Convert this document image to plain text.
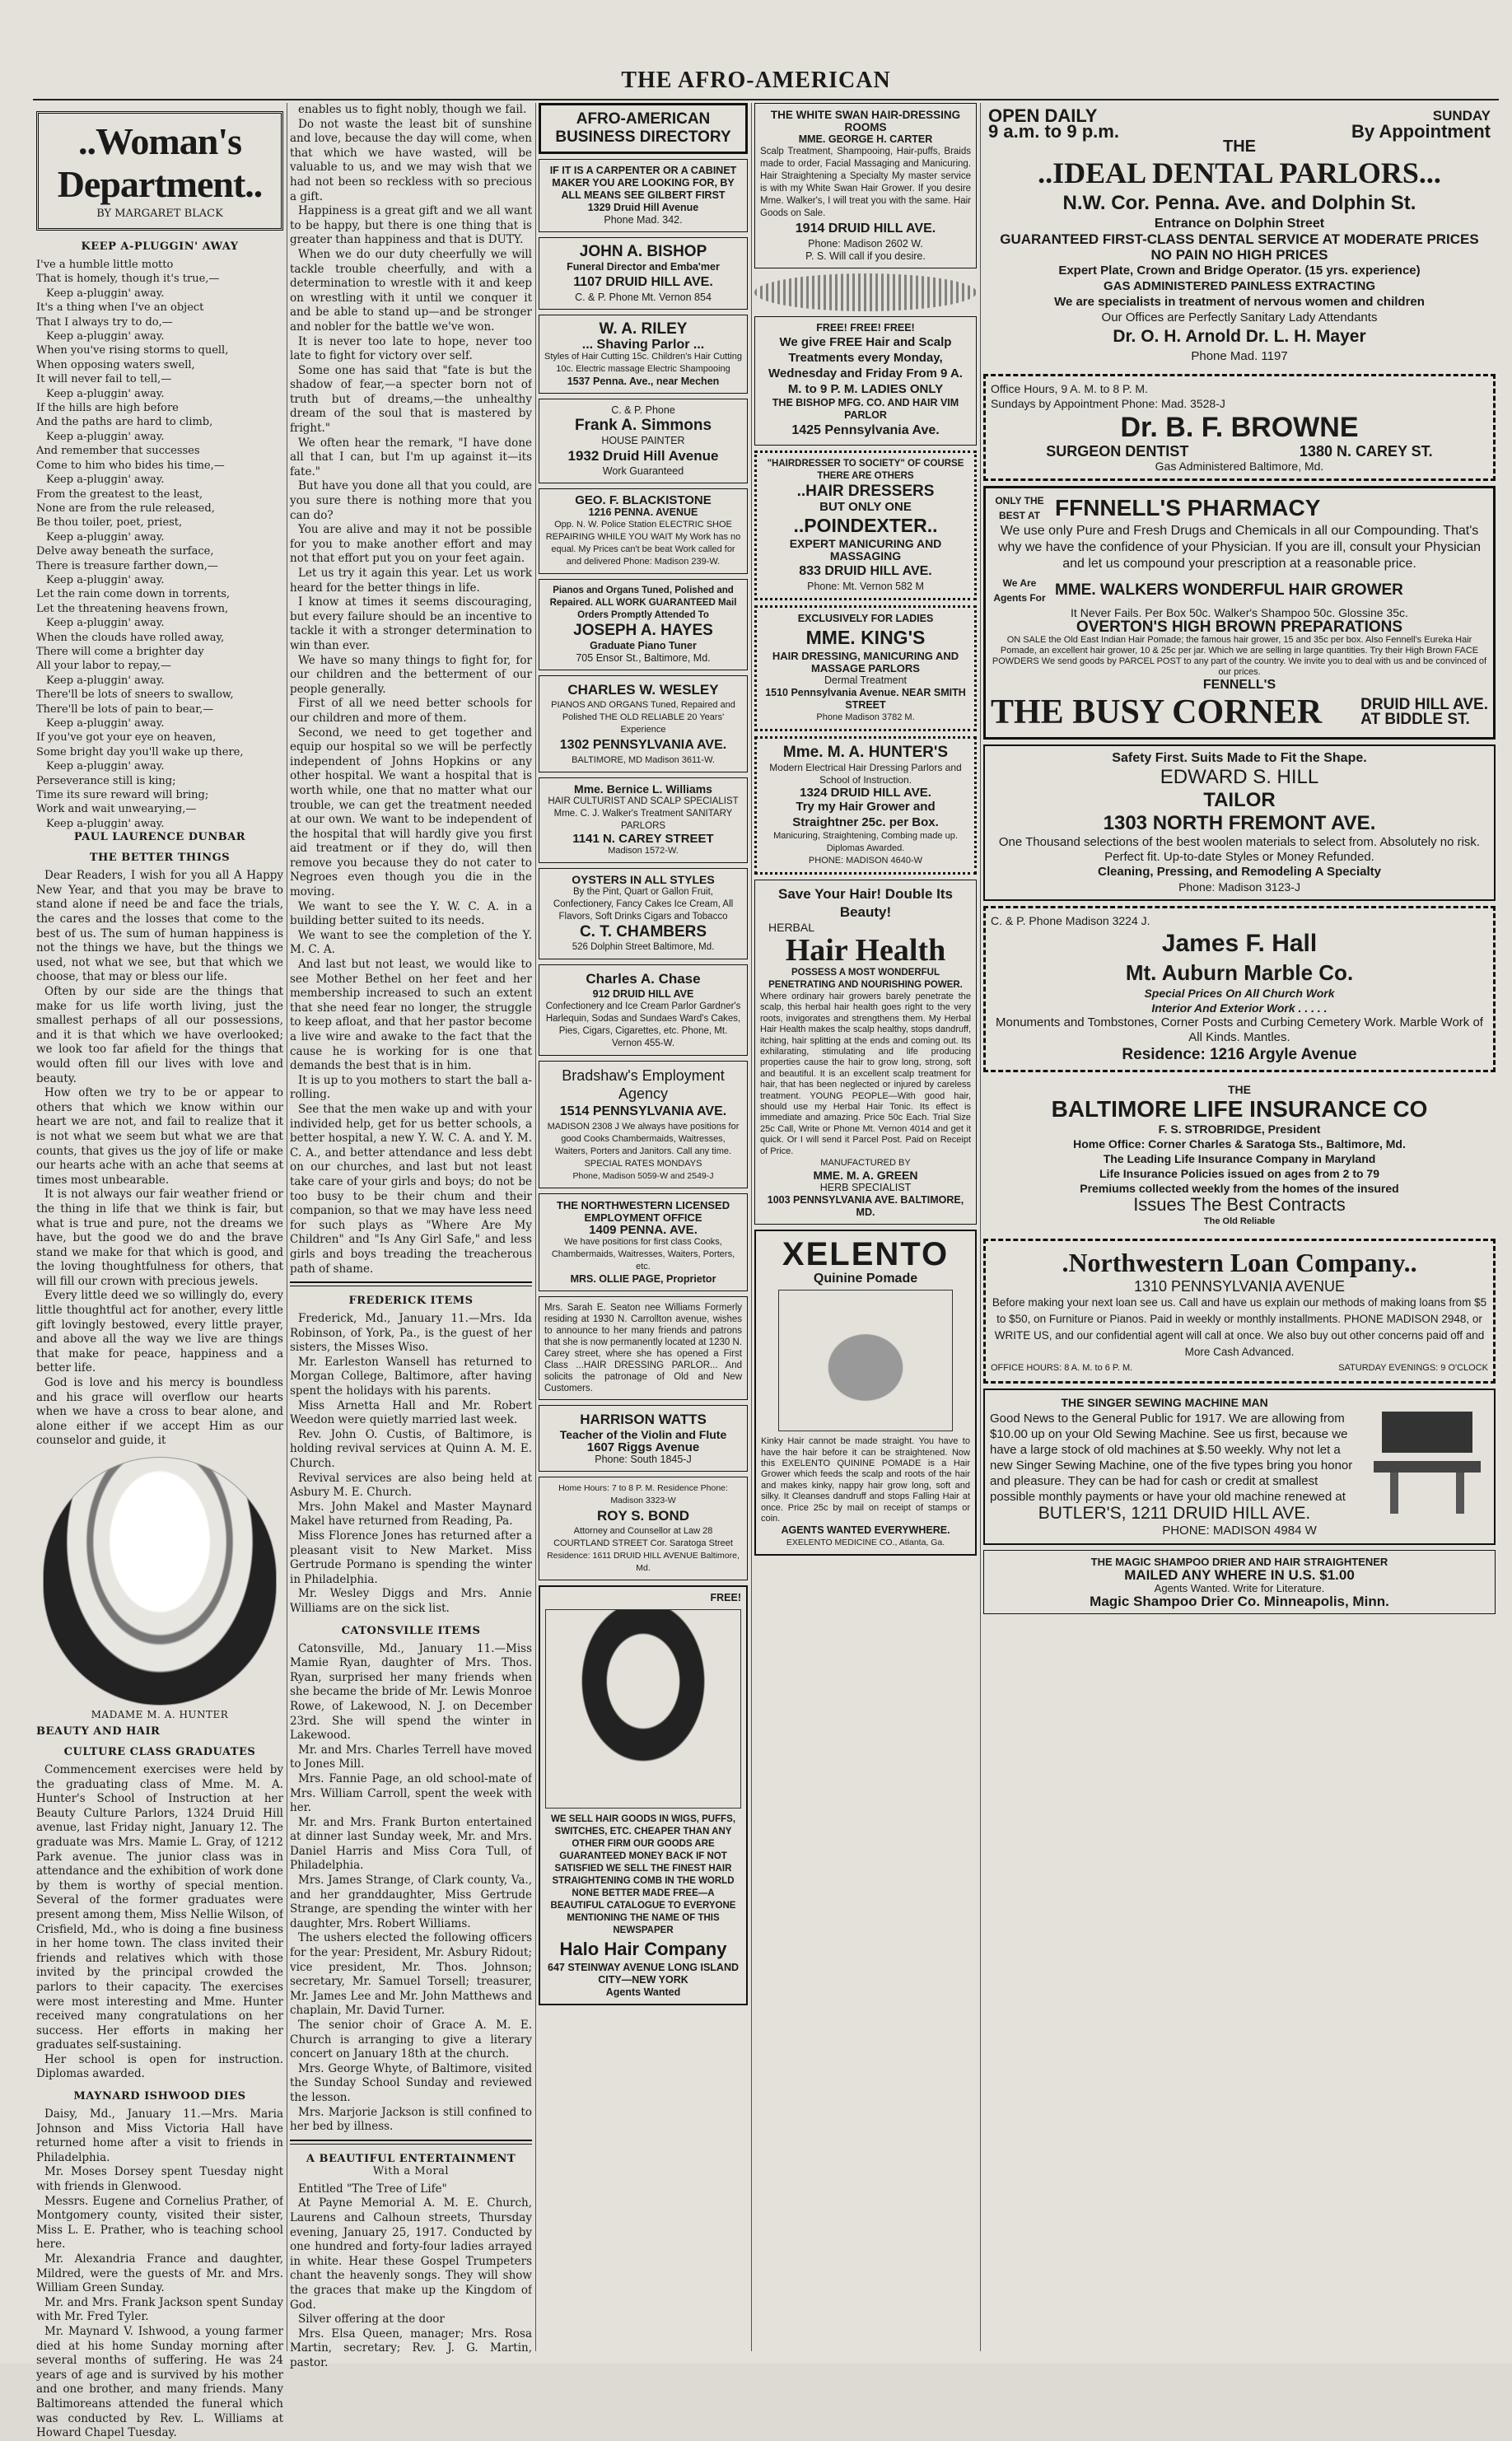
THE AFRO-AMERICAN
..Woman's Department..
BY MARGARET BLACK
KEEP A-PLUGGIN' AWAY
I've a humble little motto
That is homely, though it's true,—
Keep a-pluggin' away.
It's a thing when I've an object
That I always try to do,—
Keep a-pluggin' away.
When you've rising storms to quell,
When opposing waters swell,
It will never fail to tell,—
Keep a-pluggin' away.
If the hills are high before
And the paths are hard to climb,
Keep a-pluggin' away.
And remember that successes
Come to him who bides his time,—
Keep a-pluggin' away.
From the greatest to the least,
None are from the rule released,
Be thou toiler, poet, priest,
Keep a-pluggin' away.
Delve away beneath the surface,
There is treasure farther down,—
Keep a-pluggin' away.
Let the rain come down in torrents,
Let the threatening heavens frown,
Keep a-pluggin' away.
When the clouds have rolled away,
There will come a brighter day
All your labor to repay,—
Keep a-pluggin' away.
There'll be lots of sneers to swallow,
There'll be lots of pain to bear,—
Keep a-pluggin' away.
If you've got your eye on heaven,
Some bright day you'll wake up there,
Keep a-pluggin' away.
Perseverance still is king;
Time its sure reward will bring;
Work and wait unwearying,—
Keep a-pluggin' away.
PAUL LAURENCE DUNBAR
THE BETTER THINGS

Dear Readers, I wish for you all A Happy New Year, and that you may be brave to stand alone if need be and face the trials, the cares and the losses that come to the best of us. The sum of human happiness is not the things we have, but the things we used, not what we see, but that which we choose, that may or bless our life.

Often by our side are the things that make for us life worth living, just the smallest perhaps of all our possessions, and it is that which we have overlooked; we look too far afield for the things that would often fill our lives with love and beauty.

How often we try to be or appear to others that which we know within our heart we are not, and fail to realize that it is not what we seem but what we are that counts, that gives us the joy of life or make our hearts ache with an ache that seems at times most unbearable.

It is not always our fair weather friend or the thing in life that we think is fair, but what is true and pure, not the dreams we have, but the good we do and the brave stand we make for that which is good, and the loving thoughtfulness for others, that will fill our crown with precious jewels.

Every little deed we so willingly do, every little thoughtful act for another, every little gift lovingly bestowed, every little prayer, and above all the way we live are things that make for peace, happiness and a better life.

God is love and his mercy is boundless and his grace will overflow our hearts when we have a cross to bear alone, and alone either if we accept Him as our counselor and guide, it

MADAME M. A. HUNTER
BEAUTY AND HAIR
CULTURE CLASS GRADUATES

Commencement exercises were held by the graduating class of Mme. M. A. Hunter's School of Instruction at her Beauty Culture Parlors, 1324 Druid Hill avenue, last Friday night, January 12. The graduate was Mrs. Mamie L. Gray, of 1212 Park avenue. The junior class was in attendance and the exhibition of work done by them is worthy of special mention. Several of the former graduates were present among them, Miss Nellie Wilson, of Crisfield, Md., who is doing a fine business in her home town. The class invited their friends and relatives which with those invited by the principal crowded the parlors to their capacity. The exercises were most interesting and Mme. Hunter received many congratulations on her success. Her efforts in making her graduates self-sustaining.

Her school is open for instruction. Diplomas awarded.

MAYNARD ISHWOOD DIES

Daisy, Md., January 11.—Mrs. Maria Johnson and Miss Victoria Hall have returned home after a visit to friends in Philadelphia.

Mr. Moses Dorsey spent Tuesday night with friends in Glenwood.

Messrs. Eugene and Cornelius Prather, of Montgomery county, visited their sister, Miss L. E. Prather, who is teaching school here.

Mr. Alexandria France and daughter, Mildred, were the guests of Mr. and Mrs. William Green Sunday.

Mr. and Mrs. Frank Jackson spent Sunday with Mr. Fred Tyler.

Mr. Maynard V. Ishwood, a young farmer died at his home Sunday morning after several months of suffering. He was 24 years of age and is survived by his mother and one brother, and many friends. Many Baltimoreans attended the funeral which was conducted by Rev. L. Williams at Howard Chapel Tuesday.

enables us to fight nobly, though we fail.

Do not waste the least bit of sunshine and love, because the day will come, when that which we have wasted, will be valuable to us, and we may wish that we had not been so reckless with so precious a gift.

Happiness is a great gift and we all want to be happy, but there is one thing that is greater than happiness and that is DUTY.

When we do our duty cheerfully we will tackle trouble cheerfully, and with a determination to wrestle with it and keep on wrestling with it until we conquer it and be able to stand up—and be stronger and nobler for the battle we've won.

It is never too late to hope, never too late to fight for victory over self.

Some one has said that "fate is but the shadow of fear,—a specter born not of truth but of dreams,—the unhealthy dream of the soul that is mastered by fright."

We often hear the remark, "I have done all that I can, but I'm up against it—its fate."

But have you done all that you could, are you sure there is nothing more that you can do?

You are alive and may it not be possible for you to make another effort and may not that effort put you on your feet again.

Let us try it again this year. Let us work heard for the better things in life.

I know at times it seems discouraging, but every failure should be an incentive to tackle it with a stronger determination to win than ever.

We have so many things to fight for, for our children and the betterment of our people generally.

First of all we need better schools for our children and more of them.

Second, we need to get together and equip our hospital so we will be perfectly independent of Johns Hopkins or any other hospital. We want a hospital that is worth while, one that no matter what our trouble, we can get the treatment needed at our own. We want to be independent of the hospital that will hardly give you first aid treatment or if they do, will then remove you because they do not cater to Negroes even though you die in the moving.

We want to see the Y. W. C. A. in a building better suited to its needs.

We want to see the completion of the Y. M. C. A.

And last but not least, we would like to see Mother Bethel on her feet and her membership increased to such an extent that she need fear no longer, the struggle to keep afloat, and that her pastor become a live wire and awake to the fact that the cause he is working for is one that demands the best that is in him.

It is up to you mothers to start the ball a-rolling.

See that the men wake up and with your individed help, get for us better schools, a better hospital, a new Y. W. C. A. and Y. M. C. A., and better attendance and less debt on our churches, and last but not least take care of your girls and boys; do not be too busy to be their chum and their companion, so that we may have less need for such plays as "Where Are My Children" and "Is Any Girl Safe," and less girls and boys treading the treacherous path of shame.

FREDERICK ITEMS

Frederick, Md., January 11.—Mrs. Ida Robinson, of York, Pa., is the guest of her sisters, the Misses Wiso.

Mr. Earleston Wansell has returned to Morgan College, Baltimore, after having spent the holidays with his parents.

Miss Arnetta Hall and Mr. Robert Weedon were quietly married last week.

Rev. John O. Custis, of Baltimore, is holding revival services at Quinn A. M. E. Church.

Revival services are also being held at Asbury M. E. Church.

Mrs. John Makel and Master Maynard Makel have returned from Reading, Pa.

Miss Florence Jones has returned after a pleasant visit to New Market. Miss Gertrude Pormano is spending the winter in Philadelphia.

Mr. Wesley Diggs and Mrs. Annie Williams are on the sick list.

CATONSVILLE ITEMS

Catonsville, Md., January 11.—Miss Mamie Ryan, daughter of Mrs. Thos. Ryan, surprised her many friends when she became the bride of Mr. Lewis Monroe Rowe, of Lakewood, N. J. on December 23rd. She will spend the winter in Lakewood.

Mr. and Mrs. Charles Terrell have moved to Jones Mill.

Mrs. Fannie Page, an old school-mate of Mrs. William Carroll, spent the week with her.

Mr. and Mrs. Frank Burton entertained at dinner last Sunday week, Mr. and Mrs. Daniel Harris and Miss Cora Tull, of Philadelphia.

Mrs. James Strange, of Clark county, Va., and her granddaughter, Miss Gertrude Strange, are spending the winter with her daughter, Mrs. Robert Williams.

The ushers elected the following officers for the year: President, Mr. Asbury Ridout; vice president, Mr. Thos. Johnson; secretary, Mr. Samuel Torsell; treasurer, Mr. James Lee and Mr. John Matthews and chaplain, Mr. David Turner.

The senior choir of Grace A. M. E. Church is arranging to give a literary concert on January 18th at the church.

Mrs. George Whyte, of Baltimore, visited the Sunday School Sunday and reviewed the lesson.

Mrs. Marjorie Jackson is still confined to her bed by illness.

A BEAUTIFUL ENTERTAINMENT
With a Moral

Entitled "The Tree of Life"

At Payne Memorial A. M. E. Church, Laurens and Calhoun streets, Thursday evening, January 25, 1917. Conducted by one hundred and forty-four ladies arrayed in white. Hear these Gospel Trumpeters chant the heavenly songs. They will show the graces that make up the Kingdom of God.

Silver offering at the door

Mrs. Elsa Queen, manager; Mrs. Rosa Martin, secretary; Rev. J. G. Martin, pastor.

AFRO-AMERICAN BUSINESS DIRECTORY
IF IT IS A CARPENTER OR A CABINET MAKER YOU ARE LOOKING FOR, BY ALL MEANS SEE GILBERT FIRST
1329 Druid Hill Avenue
Phone Mad. 342.
JOHN A. BISHOP
Funeral Director and Emba'mer
1107 DRUID HILL AVE.
C. & P. Phone Mt. Vernon 854
W. A. RILEY
... Shaving Parlor ...
Styles of Hair Cutting 15c. Children's Hair Cutting 10c. Electric massage Electric Shampooing
1537 Penna. Ave., near Mechen
C. & P. Phone
Frank A. Simmons
HOUSE PAINTER
1932 Druid Hill Avenue
Work Guaranteed
GEO. F. BLACKISTONE
1216 PENNA. AVENUE
Opp. N. W. Police Station ELECTRIC SHOE REPAIRING WHILE YOU WAIT My Work has no equal. My Prices can't be beat Work called for and delivered Phone: Madison 239-W.
Pianos and Organs Tuned, Polished and Repaired. ALL WORK GUARANTEED Mail Orders Promptly Attended To
JOSEPH A. HAYES
Graduate Piano Tuner
705 Ensor St., Baltimore, Md.
CHARLES W. WESLEY
PIANOS AND ORGANS Tuned, Repaired and Polished THE OLD RELIABLE 20 Years' Experience
1302 PENNSYLVANIA AVE.
BALTIMORE, MD Madison 3611-W.
Mme. Bernice L. Williams
HAIR CULTURIST AND SCALP SPECIALIST Mme. C. J. Walker's Treatment SANITARY PARLORS
1141 N. CAREY STREET
Madison 1572-W.
OYSTERS IN ALL STYLES
By the Pint, Quart or Gallon Fruit, Confectionery, Fancy Cakes Ice Cream, All Flavors, Soft Drinks Cigars and Tobacco
C. T. CHAMBERS
526 Dolphin Street Baltimore, Md.
Charles A. Chase
912 DRUID HILL AVE
Confectionery and Ice Cream Parlor Gardner's Harlequin, Sodas and Sundaes Ward's Cakes, Pies, Cigars, Cigarettes, etc. Phone, Mt. Vernon 455-W.
Bradshaw's Employment Agency
1514 PENNSYLVANIA AVE.
MADISON 2308 J We always have positions for good Cooks Chambermaids, Waitresses, Waiters, Porters and Janitors. Call any time. SPECIAL RATES MONDAYS
Phone, Madison 5059-W and 2549-J
THE NORTHWESTERN LICENSED EMPLOYMENT OFFICE
1409 PENNA. AVE.
We have positions for first class Cooks, Chambermaids, Waitresses, Waiters, Porters, etc.
MRS. OLLIE PAGE, Proprietor
Mrs. Sarah E. Seaton nee Williams Formerly residing at 1930 N. Carrollton avenue, wishes to announce to her many friends and patrons that she is now permanently located at 1230 N. Carey street, where she has opened a First Class ...HAIR DRESSING PARLOR... And solicits the patronage of Old and New Customers.
HARRISON WATTS
Teacher of the Violin and Flute
1607 Riggs Avenue
Phone: South 1845-J
Home Hours: 7 to 8 P. M. Residence Phone: Madison 3323-W
ROY S. BOND
Attorney and Counsellor at Law 28 COURTLAND STREET Cor. Saratoga Street
Residence: 1611 DRUID HILL AVENUE Baltimore, Md.
FREE!
WE SELL HAIR GOODS IN WIGS, PUFFS, SWITCHES, ETC. CHEAPER THAN ANY OTHER FIRM OUR GOODS ARE GUARANTEED MONEY BACK IF NOT SATISFIED WE SELL THE FINEST HAIR STRAIGHTENING COMB IN THE WORLD NONE BETTER MADE FREE—A BEAUTIFUL CATALOGUE TO EVERYONE MENTIONING THE NAME OF THIS NEWSPAPER
Halo Hair Company
647 STEINWAY AVENUE LONG ISLAND CITY—NEW YORK
Agents Wanted
THE WHITE SWAN HAIR-DRESSING ROOMS
MME. GEORGE H. CARTER
Scalp Treatment, Shampooing, Hair-puffs, Braids made to order, Facial Massaging and Manicuring. Hair Straightening a Specialty My master service is with my White Swan Hair Grower. If you desire Mme. Walker's, I will treat you with the same. Hair Goods on Sale.
1914 DRUID HILL AVE.
Phone: Madison 2602 W.
P. S. Will call if you desire.
FREE! FREE! FREE!
We give FREE Hair and Scalp Treatments every Monday, Wednesday and Friday From 9 A. M. to 9 P. M. LADIES ONLY
THE BISHOP MFG. CO. AND HAIR VIM PARLOR
1425 Pennsylvania Ave.
"HAIRDRESSER TO SOCIETY" OF COURSE THERE ARE OTHERS
..HAIR DRESSERS
BUT ONLY ONE
..POINDEXTER..
EXPERT MANICURING AND MASSAGING
833 DRUID HILL AVE.
Phone: Mt. Vernon 582 M
EXCLUSIVELY FOR LADIES
MME. KING'S
HAIR DRESSING, MANICURING AND MASSAGE PARLORS
Dermal Treatment
1510 Pennsylvania Avenue. NEAR SMITH STREET
Phone Madison 3782 M.
Mme. M. A. HUNTER'S
Modern Electrical Hair Dressing Parlors and School of Instruction.
1324 DRUID HILL AVE.
Try my Hair Grower and Straightner 25c. per Box.
Manicuring, Straightening, Combing made up. Diplomas Awarded.
PHONE: MADISON 4640-W
Save Your Hair! Double Its Beauty!
HERBAL
Hair Health
POSSESS A MOST WONDERFUL PENETRATING AND NOURISHING POWER.
Where ordinary hair growers barely penetrate the scalp, this herbal hair health goes right to the very roots, invigorates and strengthens them. My Herbal Hair Health makes the scalp healthy, stops dandruff, itching, hair splitting at the ends and coming out. Its exhilarating, stimulating and life producing properties cause the hair to grow long, strong, soft and beautiful. It is an excellent scalp treatment for hair, that has been neglected or injured by careless treatment. YOUNG PEOPLE—With good hair, should use my Herbal Hair Tonic. Its effect is immediate and amazing. Price 50c Each. Trial Size 25c Call, Write or Phone Mt. Vernon 4014 and get it quick. Or I will send it Parcel Post. Paid on Receipt of Price.
MANUFACTURED BY
MME. M. A. GREEN
HERB SPECIALIST
1003 PENNSYLVANIA AVE. BALTIMORE, MD.
XELENTO
Quinine Pomade
Kinky Hair cannot be made straight. You have to have the hair before it can be straightened. Now this EXELENTO QUININE POMADE is a Hair Grower which feeds the scalp and roots of the hair and makes kinky, nappy hair grow long, soft and silky. It Cleanses dandruff and stops Falling Hair at once. Price 25c by mail on receipt of stamps or coin.
AGENTS WANTED EVERYWHERE.
EXELENTO MEDICINE CO., Atlanta, Ga.
OPEN DAILY
9 a.m. to 9 p.m.
SUNDAY
By Appointment
THE
..IDEAL DENTAL PARLORS...
N.W. Cor. Penna. Ave. and Dolphin St.
Entrance on Dolphin Street
GUARANTEED FIRST-CLASS DENTAL SERVICE AT MODERATE PRICES
NO PAIN NO HIGH PRICES
Expert Plate, Crown and Bridge Operator. (15 yrs. experience)
GAS ADMINISTERED PAINLESS EXTRACTING
We are specialists in treatment of nervous women and children
Our Offices are Perfectly Sanitary Lady Attendants
Dr. O. H. Arnold Dr. L. H. Mayer
Phone Mad. 1197
Office Hours, 9 A. M. to 8 P. M.
Sundays by Appointment Phone: Mad. 3528-J
Dr. B. F. BROWNE
SURGEON DENTIST	1380 N. CAREY ST.
Gas Administered Baltimore, Md.
ONLY THE BEST AT FFNNELL'S PHARMACY
We use only Pure and Fresh Drugs and Chemicals in all our Compounding. That's why we have the confidence of your Physician. If you are ill, consult your Physician and let us compound your prescription at a reasonable price.
We Are Agents For MME. WALKERS WONDERFUL HAIR GROWER
It Never Fails. Per Box 50c. Walker's Shampoo 50c. Glossine 35c.
OVERTON'S HIGH BROWN PREPARATIONS
ON SALE the Old East Indian Hair Pomade; the famous hair grower, 15 and 35c per box. Also Fennell's Eureka Hair Pomade, an excellent hair grower, 10 & 25c per jar. Which we are selling in large quantities. Try their High Brown FACE POWDERS We send goods by PARCEL POST to any part of the country. We invite you to deal with us and be convinced of our prices.
FENNELL'S
THE BUSY CORNER DRUID HILL AVE.
AT BIDDLE ST.
Safety First. Suits Made to Fit the Shape.
EDWARD S. HILL
TAILOR
1303 NORTH FREMONT AVE.
One Thousand selections of the best woolen materials to select from. Absolutely no risk. Perfect fit. Up-to-date Styles or Money Refunded.
Cleaning, Pressing, and Remodeling A Specialty
Phone: Madison 3123-J
C. & P. Phone Madison 3224 J.
James F. Hall
Mt. Auburn Marble Co.
Special Prices On All Church Work
Interior And Exterior Work . . . . .
Monuments and Tombstones, Corner Posts and Curbing Cemetery Work. Marble Work of All Kinds. Mantles.
Residence: 1216 Argyle Avenue
THE
BALTIMORE LIFE INSURANCE CO
F. S. STROBRIDGE, President
Home Office: Corner Charles & Saratoga Sts., Baltimore, Md.
The Leading Life Insurance Company in Maryland
Life Insurance Policies issued on ages from 2 to 79
Premiums collected weekly from the homes of the insured
Issues The Best Contracts
The Old Reliable
.Northwestern Loan Company..
1310 PENNSYLVANIA AVENUE
Before making your next loan see us. Call and have us explain our methods of making loans from $5 to $50, on Furniture or Pianos. Paid in weekly or monthly installments. PHONE MADISON 2948, or WRITE US, and our confidential agent will call at once. We also buy out other concerns paid off and More Cash Advanced.
OFFICE HOURS: 8 A. M. to 6 P. M.	SATURDAY EVENINGS: 9 O'CLOCK
THE SINGER SEWING MACHINE MAN
Good News to the General Public for 1917. We are allowing from $10.00 up on your Old Sewing Machine. See us first, because we have a large stock of old machines at $.50 weekly. Why not let a new Singer Sewing Machine, one of the five types bring you honor and pleasure. They can be had for cash or credit at smallest possible monthly payments or have your old machine renewed at
BUTLER'S, 1211 DRUID HILL AVE.
PHONE: MADISON 4984 W
THE MAGIC SHAMPOO DRIER AND HAIR STRAIGHTENER
MAILED ANY WHERE IN U.S. $1.00
Agents Wanted. Write for Literature.
Magic Shampoo Drier Co. Minneapolis, Minn.
